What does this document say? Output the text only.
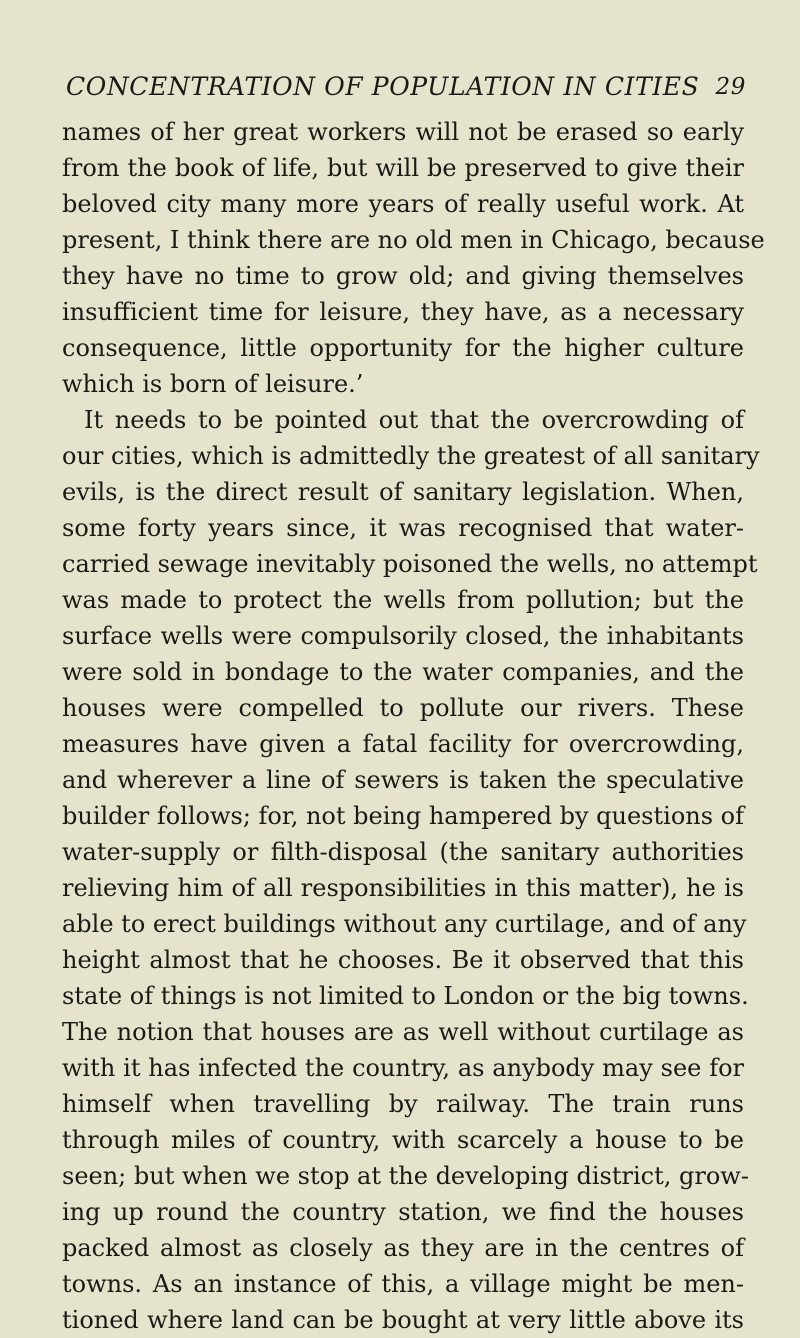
CONCENTRATION OF POPULATION IN CITIES 29
names of her great workers will not be erased so early
from the book of life, but will be preserved to give their
beloved city many more years of really useful work. At
present, I think there are no old men in Chicago, because
they have no time to grow old; and giving themselves
insufficient time for leisure, they have, as a necessary
consequence, little opportunity for the higher culture
which is born of leisure.’
It needs to be pointed out that the overcrowding of
our cities, which is admittedly the greatest of all sanitary
evils, is the direct result of sanitary legislation. When,
some forty years since, it was recognised that water-
carried sewage inevitably poisoned the wells, no attempt
was made to protect the wells from pollution; but the
surface wells were compulsorily closed, the inhabitants
were sold in bondage to the water companies, and the
houses were compelled to pollute our rivers. These
measures have given a fatal facility for overcrowding,
and wherever a line of sewers is taken the speculative
builder follows; for, not being hampered by questions of
water-supply or filth-disposal (the sanitary authorities
relieving him of all responsibilities in this matter), he is
able to erect buildings without any curtilage, and of any
height almost that he chooses. Be it observed that this
state of things is not limited to London or the big towns.
The notion that houses are as well without curtilage as
with it has infected the country, as anybody may see for
himself when travelling by railway. The train runs
through miles of country, with scarcely a house to be
seen; but when we stop at the developing district, grow-
ing up round the country station, we find the houses
packed almost as closely as they are in the centres of
towns. As an instance of this, a village might be men-
tioned where land can be bought at very little above its
